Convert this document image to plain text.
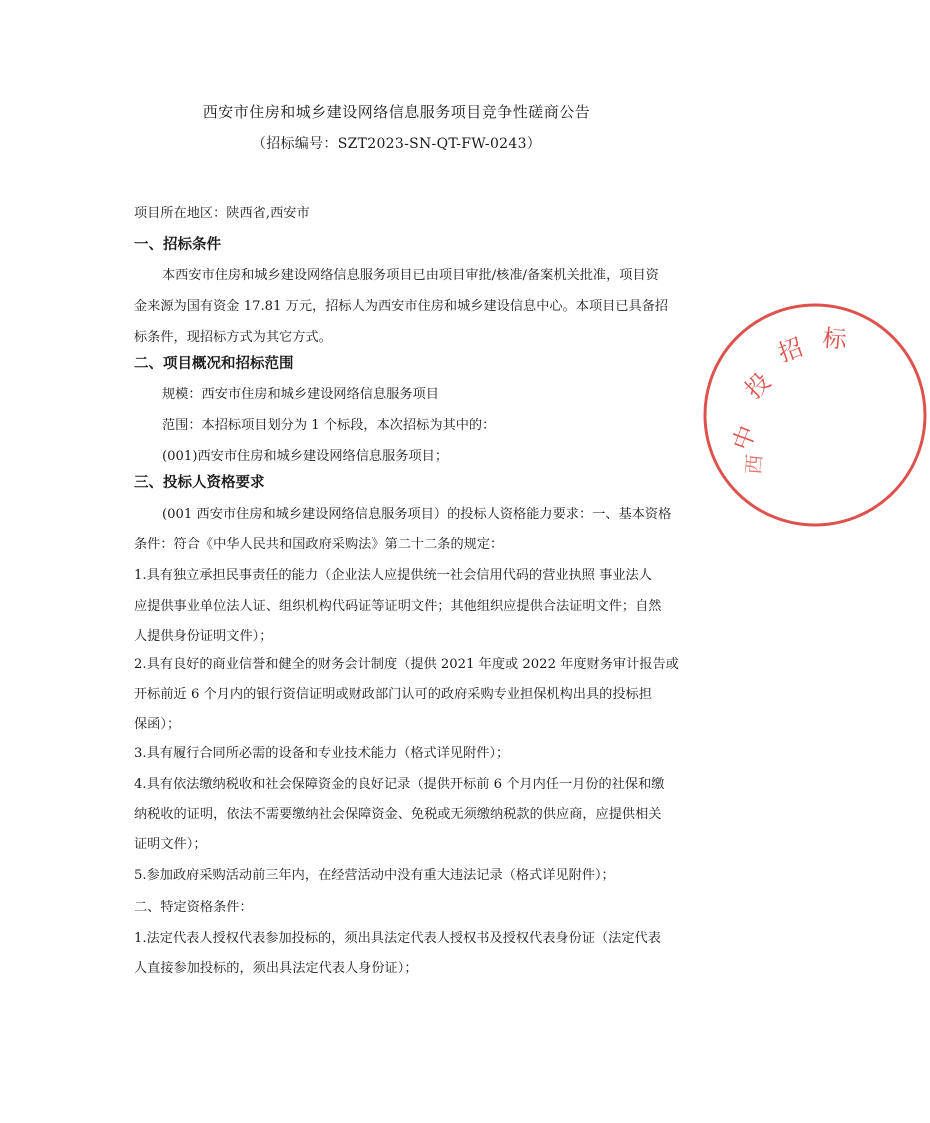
西安市住房和城乡建设网络信息服务项目竞争性磋商公告
（招标编号：SZT2023-SN-QT-FW-0243）
项目所在地区：陕西省,西安市
一、招标条件
本西安市住房和城乡建设网络信息服务项目已由项目审批/核准/备案机关批准，项目资
金来源为国有资金 17.81 万元，招标人为西安市住房和城乡建设信息中心。本项目已具备招
标条件，现招标方式为其它方式。
二、项目概况和招标范围
规模：西安市住房和城乡建设网络信息服务项目
范围：本招标项目划分为 1 个标段，本次招标为其中的：
(001)西安市住房和城乡建设网络信息服务项目；
三、投标人资格要求
(001 西安市住房和城乡建设网络信息服务项目）的投标人资格能力要求：一、基本资格
条件：符合《中华人民共和国政府采购法》第二十二条的规定：
1.具有独立承担民事责任的能力（企业法人应提供统一社会信用代码的营业执照 事业法人
应提供事业单位法人证、组织机构代码证等证明文件；其他组织应提供合法证明文件；自然
人提供身份证明文件）；
2.具有良好的商业信誉和健全的财务会计制度（提供 2021 年度或 2022 年度财务审计报告或
开标前近 6 个月内的银行资信证明或财政部门认可的政府采购专业担保机构出具的投标担
保函）；
3.具有履行合同所必需的设备和专业技术能力（格式详见附件）；
4.具有依法缴纳税收和社会保障资金的良好记录（提供开标前 6 个月内任一月份的社保和缴
纳税收的证明，依法不需要缴纳社会保障资金、免税或无须缴纳税款的供应商，应提供相关
证明文件）；
5.参加政府采购活动前三年内，在经营活动中没有重大违法记录（格式详见附件）；
二、特定资格条件：
1.法定代表人授权代表参加投标的，须出具法定代表人授权书及授权代表身份证（法定代表
人直接参加投标的，须出具法定代表人身份证）；
中
投
招 标
西
